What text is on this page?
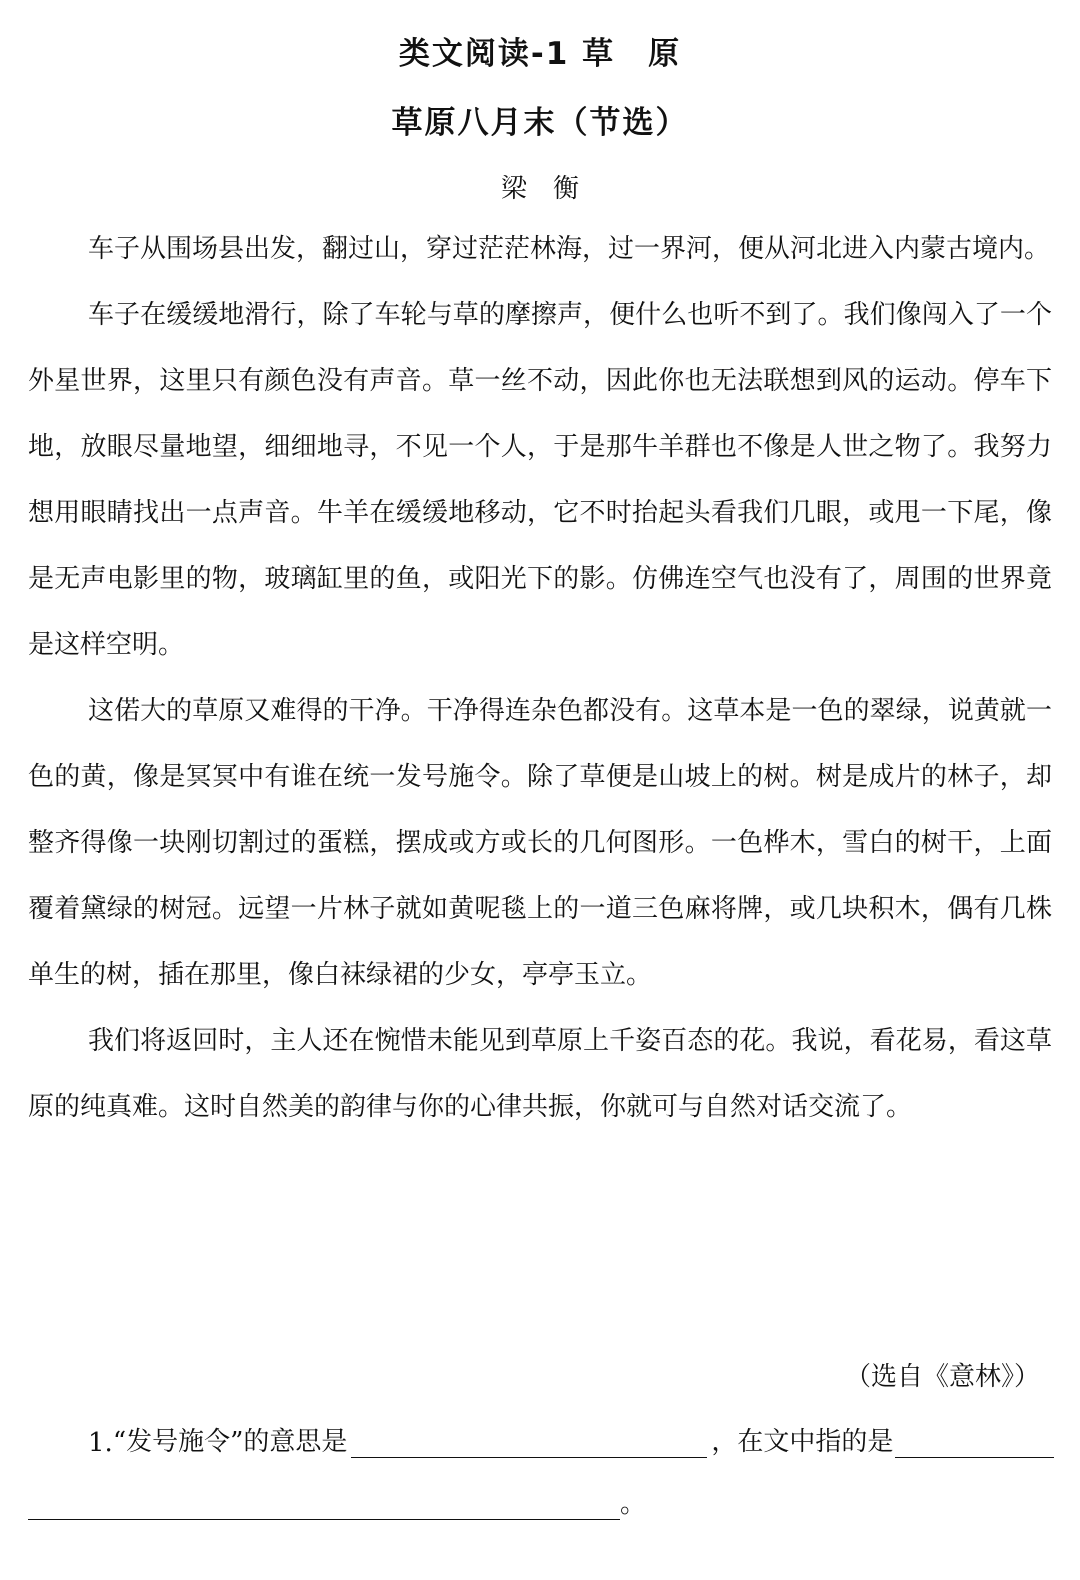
类文阅读-1 草　原
草原八月末（节选）
梁　衡

车子从围场县出发，翻过山，穿过茫茫林海，过一界河，便从河北进入内蒙古境内。

车子在缓缓地滑行，除了车轮与草的摩擦声，便什么也听不到了。我们像闯入了一个外星世界，这里只有颜色没有声音。草一丝不动，因此你也无法联想到风的运动。停车下地，放眼尽量地望，细细地寻，不见一个人，于是那牛羊群也不像是人世之物了。我努力想用眼睛找出一点声音。牛羊在缓缓地移动，它不时抬起头看我们几眼，或甩一下尾，像是无声电影里的物，玻璃缸里的鱼，或阳光下的影。仿佛连空气也没有了，周围的世界竟是这样空明。

这偌大的草原又难得的干净。干净得连杂色都没有。这草本是一色的翠绿，说黄就一色的黄，像是冥冥中有谁在统一发号施令。除了草便是山坡上的树。树是成片的林子，却整齐得像一块刚切割过的蛋糕，摆成或方或长的几何图形。一色桦木，雪白的树干，上面覆着黛绿的树冠。远望一片林子就如黄呢毯上的一道三色麻将牌，或几块积木，偶有几株单生的树，插在那里，像白袜绿裙的少女，亭亭玉立。

我们将返回时，主人还在惋惜未能见到草原上千姿百态的花。我说，看花易，看这草原的纯真难。这时自然美的韵律与你的心律共振，你就可与自然对话交流了。

（选自《意林》）
1. “发号施令”的意思是	，在文中指的是
。
